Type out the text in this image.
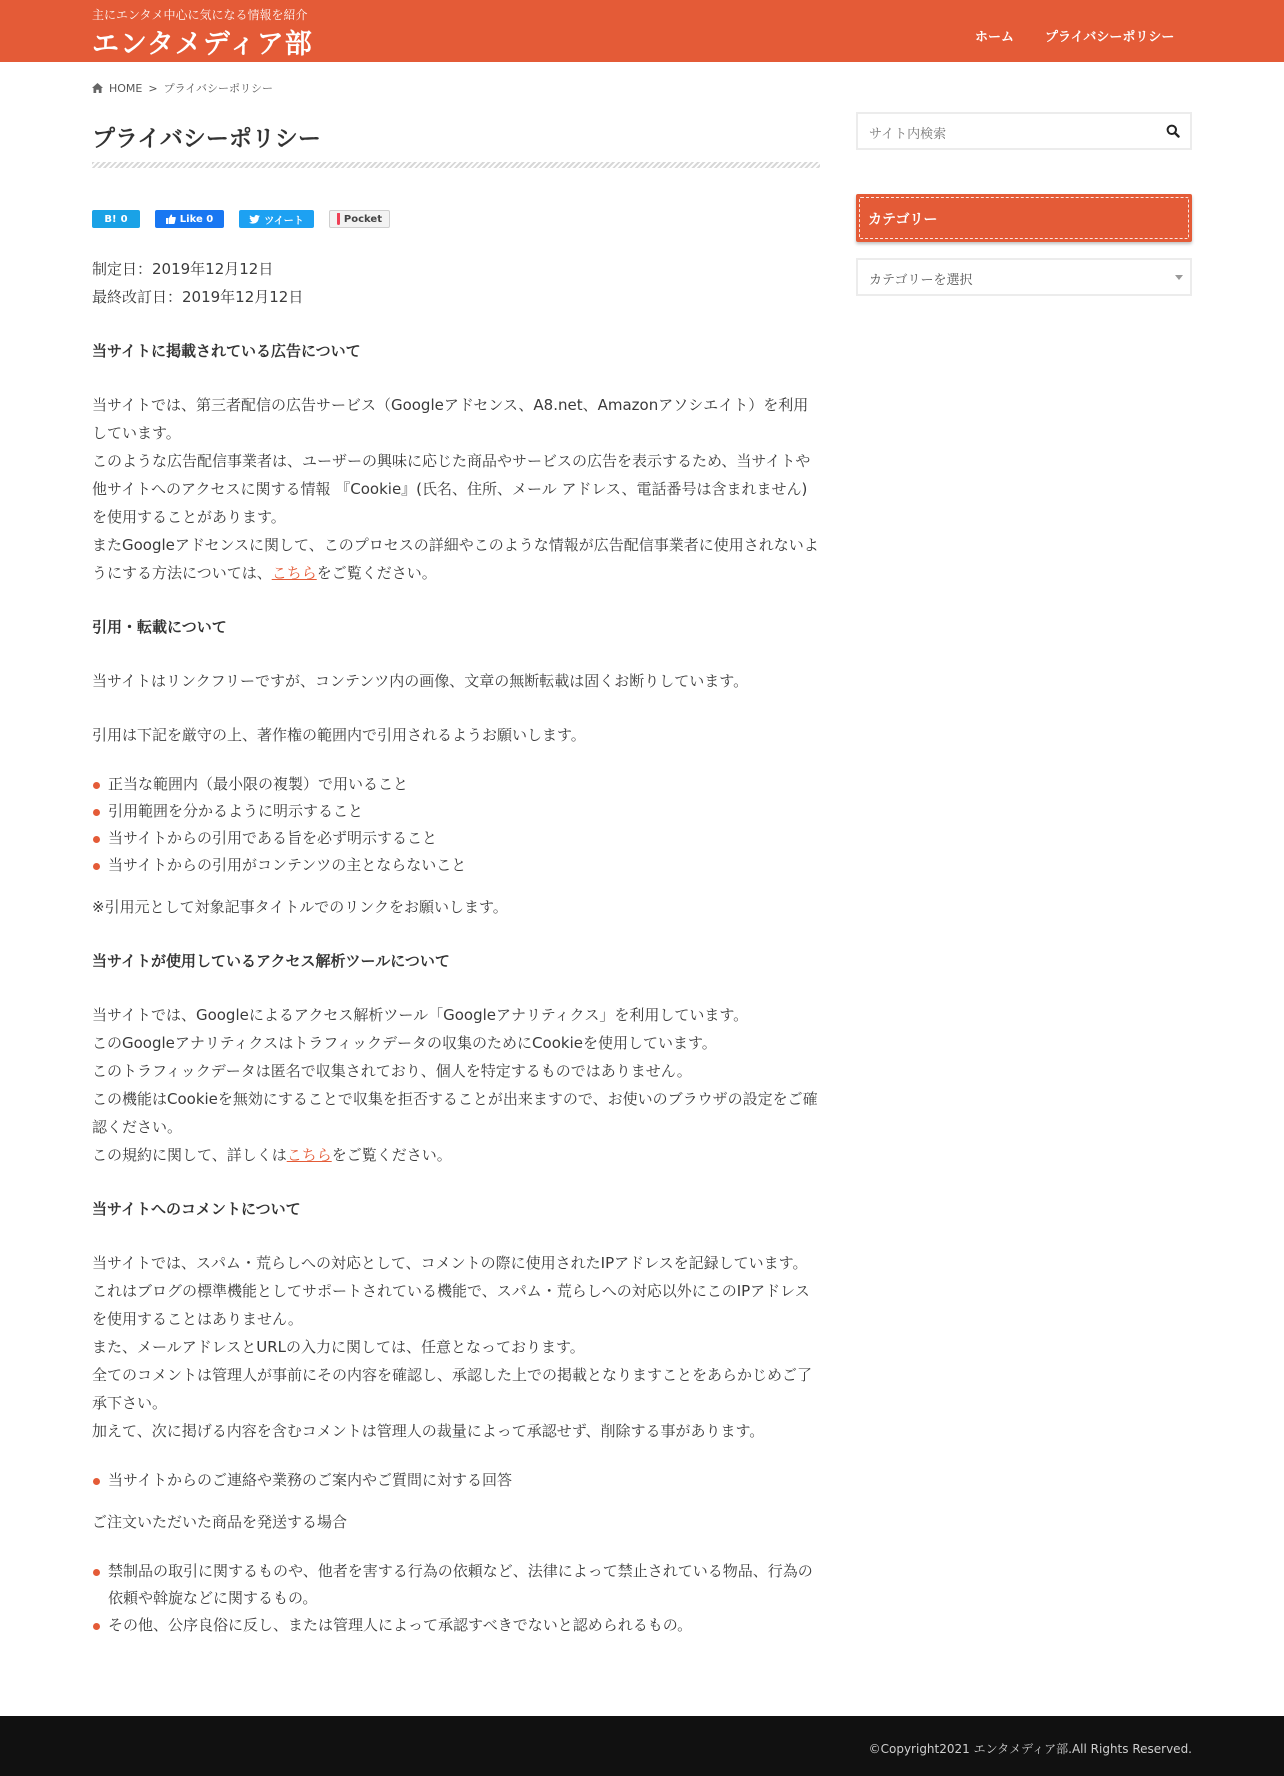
主にエンタメ中心に気になる情報を紹介
エンタメディア部	ホーム プライバシーポリシー
HOME > プライバシーポリシー
プライバシーポリシー
B! 0	Like 0	ツイート	Pocket

制定日：2019年12月12日

最終改訂日：2019年12月12日

当サイトに掲載されている広告について

当サイトでは、第三者配信の広告サービス（Googleアドセンス、A8.net、Amazonアソシエイト）を利用しています。

このような広告配信事業者は、ユーザーの興味に応じた商品やサービスの広告を表示するため、当サイトや他サイトへのアクセスに関する情報 『Cookie』(氏名、住所、メール アドレス、電話番号は含まれません) を使用することがあります。

またGoogleアドセンスに関して、このプロセスの詳細やこのような情報が広告配信事業者に使用されないようにする方法については、こちらをご覧ください。

引用・転載について

当サイトはリンクフリーですが、コンテンツ内の画像、文章の無断転載は固くお断りしています。

引用は下記を厳守の上、著作権の範囲内で引用されるようお願いします。

正当な範囲内（最小限の複製）で用いること
引用範囲を分かるように明示すること
当サイトからの引用である旨を必ず明示すること
当サイトからの引用がコンテンツの主とならないこと

※引用元として対象記事タイトルでのリンクをお願いします。

当サイトが使用しているアクセス解析ツールについて

当サイトでは、Googleによるアクセス解析ツール「Googleアナリティクス」を利用しています。

このGoogleアナリティクスはトラフィックデータの収集のためにCookieを使用しています。

このトラフィックデータは匿名で収集されており、個人を特定するものではありません。

この機能はCookieを無効にすることで収集を拒否することが出来ますので、お使いのブラウザの設定をご確認ください。

この規約に関して、詳しくはこちらをご覧ください。

当サイトへのコメントについて

当サイトでは、スパム・荒らしへの対応として、コメントの際に使用されたIPアドレスを記録しています。

これはブログの標準機能としてサポートされている機能で、スパム・荒らしへの対応以外にこのIPアドレスを使用することはありません。

また、メールアドレスとURLの入力に関しては、任意となっております。

全てのコメントは管理人が事前にその内容を確認し、承認した上での掲載となりますことをあらかじめご了承下さい。

加えて、次に掲げる内容を含むコメントは管理人の裁量によって承認せず、削除する事があります。

当サイトからのご連絡や業務のご案内やご質問に対する回答

ご注文いただいた商品を発送する場合

禁制品の取引に関するものや、他者を害する行為の依頼など、法律によって禁止されている物品、行為の依頼や斡旋などに関するもの。
その他、公序良俗に反し、または管理人によって承認すべきでないと認められるもの。
サイト内検索
カテゴリー
カテゴリーを選択
©Copyright2021 エンタメディア部.All Rights Reserved.
